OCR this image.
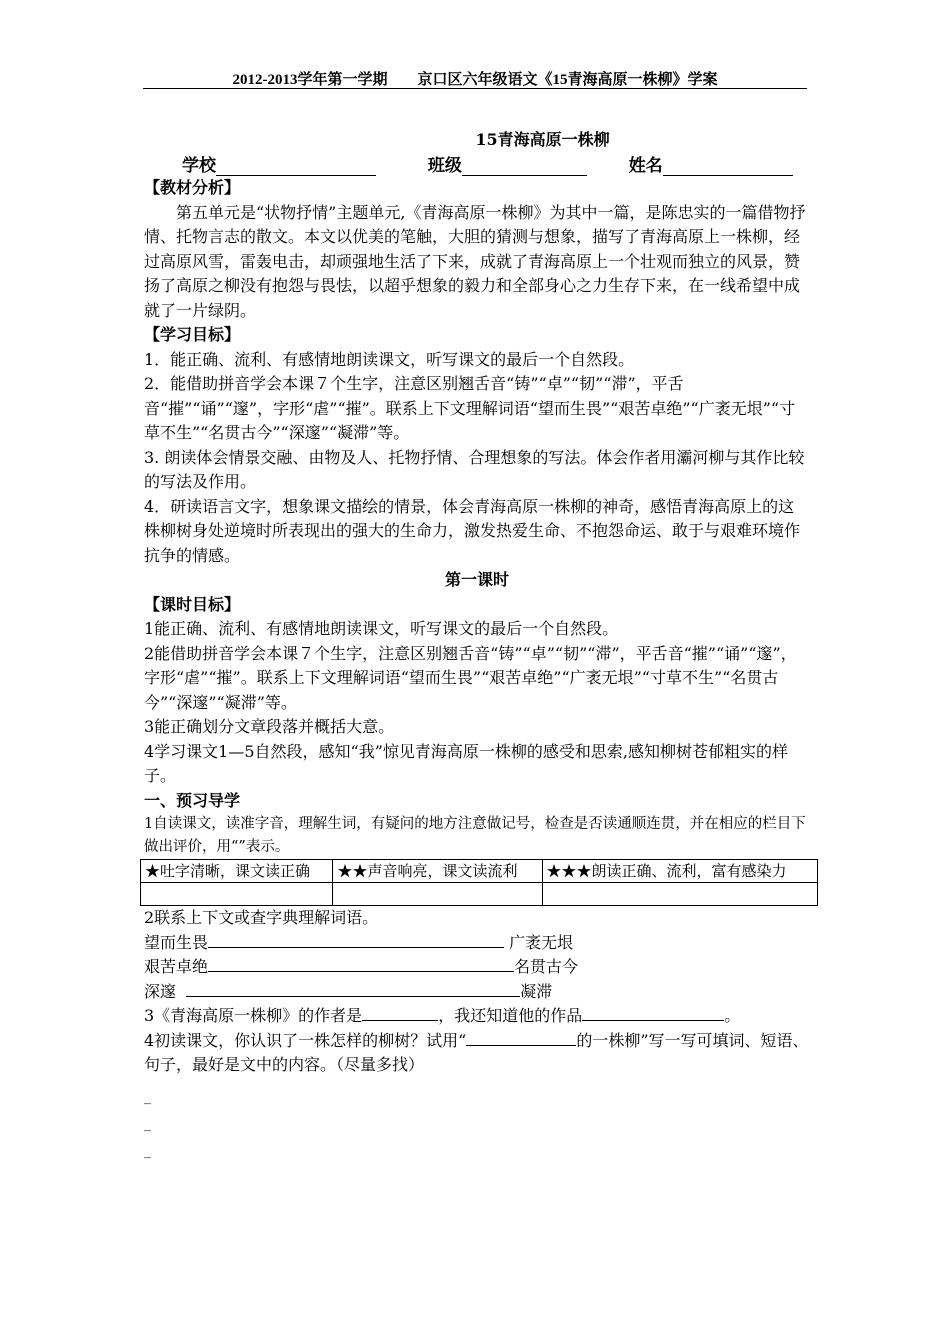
2012-2013学年第一学期　　京口区六年级语文《15青海高原一株柳》学案
15青海高原一株柳
学校	班级	姓名

【教材分析】

第五单元是“状物抒情”主题单元,《青海高原一株柳》为其中一篇，是陈忠实的一篇借物抒情、托物言志的散文。本文以优美的笔触，大胆的猜测与想象，描写了青海高原上一株柳，经过高原风雪，雷轰电击，却顽强地生活了下来，成就了青海高原上一个壮观而独立的风景，赞扬了高原之柳没有抱怨与畏怯，以超乎想象的毅力和全部身心之力生存下来，在一线希望中成就了一片绿阴。

【学习目标】

1．能正确、流利、有感情地朗读课文，听写课文的最后一个自然段。

2．能借助拼音学会本课７个生字，注意区别翘舌音“铸”“卓”“韧”“滞”，平舌音“摧”“诵”“邃”，字形“虐”“摧”。联系上下文理解词语“望而生畏”“艰苦卓绝”“广袤无垠”“寸草不生”“名贯古今”“深邃”“凝滞”等。

3. 朗读体会情景交融、由物及人、托物抒情、合理想象的写法。体会作者用灞河柳与其作比较的写法及作用。

4．研读语言文字，想象课文描绘的情景，体会青海高原一株柳的神奇，感悟青海高原上的这株柳树身处逆境时所表现出的强大的生命力，激发热爱生命、不抱怨命运、敢于与艰难环境作抗争的情感。

第一课时

【课时目标】

1能正确、流利、有感情地朗读课文，听写课文的最后一个自然段。

2能借助拼音学会本课７个生字，注意区别翘舌音“铸”“卓”“韧”“滞”，平舌音“摧”“诵”“邃”，字形“虐”“摧”。联系上下文理解词语“望而生畏”“艰苦卓绝”“广袤无垠”“寸草不生”“名贯古今”“深邃”“凝滞”等。

3能正确划分文章段落并概括大意。

4学习课文1—5自然段，感知“我”惊见青海高原一株柳的感受和思索,感知柳树苍郁粗实的样子。

一、预习导学

1自读课文，读准字音，理解生词，有疑问的地方注意做记号，检查是否读通顺连贯，并在相应的栏目下做出评价，用“”表示。

★吐字清晰，课文读正确	★★声音响亮，课文读流利	★★★朗读正确、流利，富有感染力

2联系上下文或查字典理解词语。

望而生畏	广袤无垠

艰苦卓绝	名贯古今

深邃	凝滞

3《青海高原一株柳》的作者是	，我还知道他的作品	。

4初读课文，你认识了一株怎样的柳树？试用“	的一株柳”写一写可填词、短语、句子，最好是文中的内容。（尽量多找）

_
_
_
